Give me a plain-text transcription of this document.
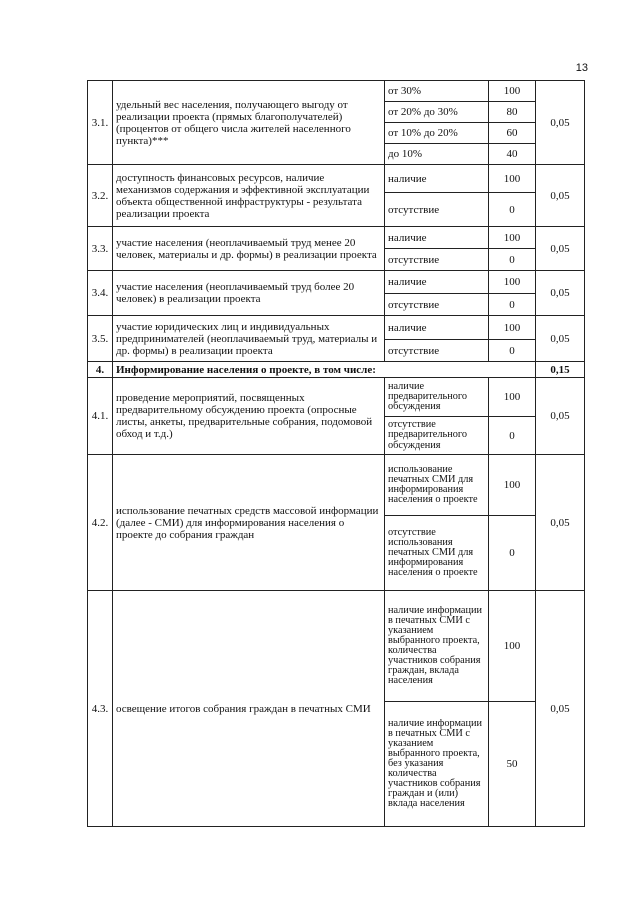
13
3.1.	удельный вес населения, получающего выгоду от реализации проекта (прямых благополучателей) (процентов от общего числа жителей населенного пункта)***	от 30%	100	0,05
		от 20% до 30%	80	
		от 10% до 20%	60	
		до 10%	40	
3.2.	доступность финансовых ресурсов, наличие механизмов содержания и эффективной эксплуатации объекта общественной инфраструктуры - результата реализации проекта	наличие	100	0,05
		отсутствие	0	
3.3.	участие населения (неоплачиваемый труд менее 20 человек, материалы и др. формы) в реализации проекта	наличие	100	0,05
		отсутствие	0	
3.4.	участие населения (неоплачиваемый труд более 20 человек) в реализации проекта	наличие	100	0,05
		отсутствие	0	
3.5.	участие юридических лиц и индивидуальных предпринимателей (неоплачиваемый труд, материалы и др. формы) в реализации проекта	наличие	100	0,05
		отсутствие	0	
4.	Информирование населения о проекте, в том числе:			0,15
4.1.	проведение мероприятий, посвященных предварительному обсуждению проекта (опросные листы, анкеты, предварительные собрания, подомовой обход и т.д.)	наличие предварительного обсуждения	100	0,05
		отсутствие предварительного обсуждения	0	
4.2.	использование печатных средств массовой информации (далее - СМИ) для информирования населения о проекте до собрания граждан	использование печатных СМИ для информирования населения о проекте	100	0,05
		отсутствие использования печатных СМИ для информирования населения о проекте	0	
4.3.	освещение итогов собрания граждан в печатных СМИ	наличие информации в печатных СМИ с указанием выбранного проекта, количества участников собрания граждан, вклада населения	100	0,05
		наличие информации в печатных СМИ с указанием выбранного проекта, без указания количества участников собрания граждан и (или) вклада населения	50	
